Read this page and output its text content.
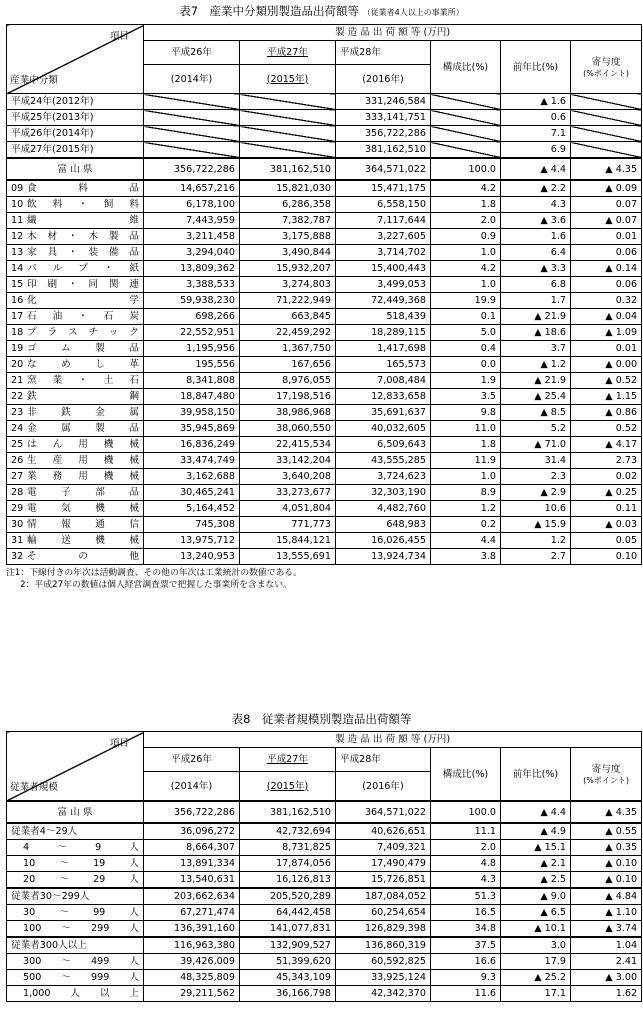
表7　産業中分類別製造品出荷額等 （従業者4人以上の事業所）
項目
産業中分類	製 造 品 出 荷 額 等 (万円)					
	平成26年	平成27年	平成28年	構成比(%)	前年比(%)	寄与度
(%ポイント)

	(2014年)	(2015年)	(2016年)			
平成24年(2012年)			331,246,584		▲ 1.6	
平成25年(2013年)			333,141,751		0.6	
平成26年(2014年)			356,722,286		7.1	
平成27年(2015年)			381,162,510		6.9	
富 山 県	356,722,286	381,162,510	364,571,022	100.0	▲ 4.4	▲ 4.35

09 食料品	14,657,216	15,821,030	15,471,175	4.2	▲ 2.2	▲ 0.09

10 飲料・飼料	6,178,100	6,286,358	6,558,150	1.8	4.3	0.07

11 繊維	7,443,959	7,382,787	7,117,644	2.0	▲ 3.6	▲ 0.07

12 木材・木製品	3,211,458	3,175,888	3,227,605	0.9	1.6	0.01

13 家具・装備品	3,294,040	3,490,844	3,714,702	1.0	6.4	0.06

14 パルプ・紙	13,809,362	15,932,207	15,400,443	4.2	▲ 3.3	▲ 0.14

15 印刷・同関連	3,388,533	3,274,803	3,499,053	1.0	6.8	0.06

16 化学	59,938,230	71,222,949	72,449,368	19.9	1.7	0.32

17 石油・石炭	698,266	663,845	518,439	0.1	▲ 21.9	▲ 0.04

18 プラスチック	22,552,951	22,459,292	18,289,115	5.0	▲ 18.6	▲ 1.09

19 ゴム製品	1,195,956	1,367,750	1,417,698	0.4	3.7	0.01

20 なめし革	195,556	167,656	165,573	0.0	▲ 1.2	▲ 0.00

21 窯業・土石	8,341,808	8,976,055	7,008,484	1.9	▲ 21.9	▲ 0.52

22 鉄鋼	18,847,480	17,198,516	12,833,658	3.5	▲ 25.4	▲ 1.15

23 非鉄金属	39,958,150	38,986,968	35,691,637	9.8	▲ 8.5	▲ 0.86

24 金属製品	35,945,869	38,060,550	40,032,605	11.0	5.2	0.52

25 はん用機械	16,836,249	22,415,534	6,509,643	1.8	▲ 71.0	▲ 4.17

26 生産用機械	33,474,749	33,142,204	43,555,285	11.9	31.4	2.73

27 業務用機械	3,162,688	3,640,208	3,724,623	1.0	2.3	0.02

28 電子部品	30,465,241	33,273,677	32,303,190	8.9	▲ 2.9	▲ 0.25

29 電気機械	5,164,452	4,051,804	4,482,760	1.2	10.6	0.11

30 情報通信	745,308	771,773	648,983	0.2	▲ 15.9	▲ 0.03

31 輸送機械	13,975,712	15,844,121	16,026,455	4.4	1.2	0.05

32 その他	13,240,953	13,555,691	13,924,734	3.8	2.7	0.10
注1：下線付きの年次は活動調査、その他の年次は工業統計の数値である。
2：平成27年の数値は個人経営調査票で把握した事業所を含まない。
表8　従業者規模別製造品出荷額等
項目
従業者規模	製 造 品 出 荷 額 等 (万円)					
	平成26年	平成27年	平成28年	構成比(%)	前年比(%)	寄与度
(%ポイント)

	(2014年)	(2015年)	(2016年)			
富 山 県	356,722,286	381,162,510	364,571,022	100.0	▲ 4.4	▲ 4.35
従業者4～29人	36,096,272	42,732,694	40,626,651	11.1	▲ 4.9	▲ 0.55

4 ～ 9 人	8,664,307	8,731,825	7,409,321	2.0	▲ 15.1	▲ 0.35

10 ～ 19 人	13,891,334	17,874,056	17,490,479	4.8	▲ 2.1	▲ 0.10

20 ～ 29 人	13,540,631	16,126,813	15,726,851	4.3	▲ 2.5	▲ 0.10
従業者30～299人	203,662,634	205,520,289	187,084,052	51.3	▲ 9.0	▲ 4.84

30 ～ 99 人	67,271,474	64,442,458	60,254,654	16.5	▲ 6.5	▲ 1.10

100 ～ 299 人	136,391,160	141,077,831	126,829,398	34.8	▲ 10.1	▲ 3.74
従業者300人以上	116,963,380	132,909,527	136,860,319	37.5	3.0	1.04

300 ～ 499 人	39,426,009	51,399,620	60,592,825	16.6	17.9	2.41

500 ～ 999 人	48,325,809	45,343,109	33,925,124	9.3	▲ 25.2	▲ 3.00

1,000 人 以 上	29,211,562	36,166,798	42,342,370	11.6	17.1	1.62
